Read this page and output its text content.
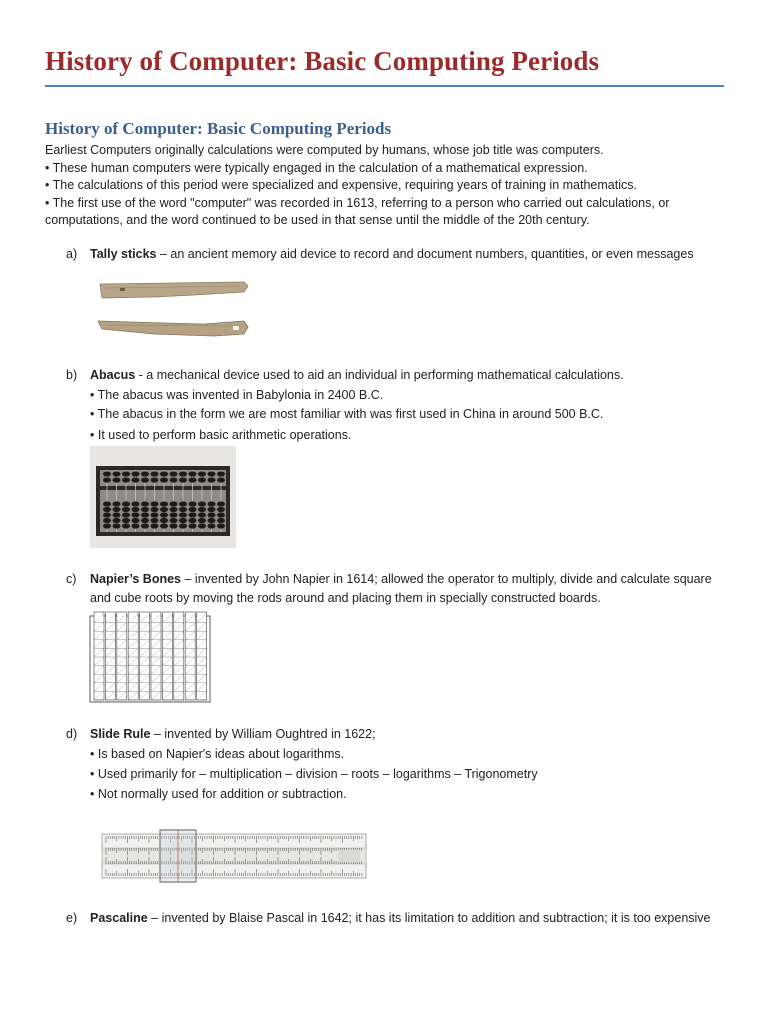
History of Computer: Basic Computing Periods
History of Computer: Basic Computing Periods
Earliest Computers originally calculations were computed by humans, whose job title was computers.
• These human computers were typically engaged in the calculation of a mathematical expression.
• The calculations of this period were specialized and expensive, requiring years of training in mathematics.
• The first use of the word "computer" was recorded in 1613, referring to a person who carried out calculations, or
computations, and the word continued to be used in that sense until the middle of the 20th century.
a) Tally sticks – an ancient memory aid device to record and document numbers, quantities, or even messages
b) Abacus - a mechanical device used to aid an individual in performing mathematical calculations.
• The abacus was invented in Babylonia in 2400 B.C.
• The abacus in the form we are most familiar with was first used in China in around 500 B.C.
• It used to perform basic arithmetic operations.
c) Napier’s Bones – invented by John Napier in 1614; allowed the operator to multiply, divide and calculate square
and cube roots by moving the rods around and placing them in specially constructed boards.
d) Slide Rule – invented by William Oughtred in 1622;
• Is based on Napier's ideas about logarithms.
• Used primarily for – multiplication – division – roots – logarithms – Trigonometry
• Not normally used for addition or subtraction.
e) Pascaline – invented by Blaise Pascal in 1642; it has its limitation to addition and subtraction; it is too expensive
